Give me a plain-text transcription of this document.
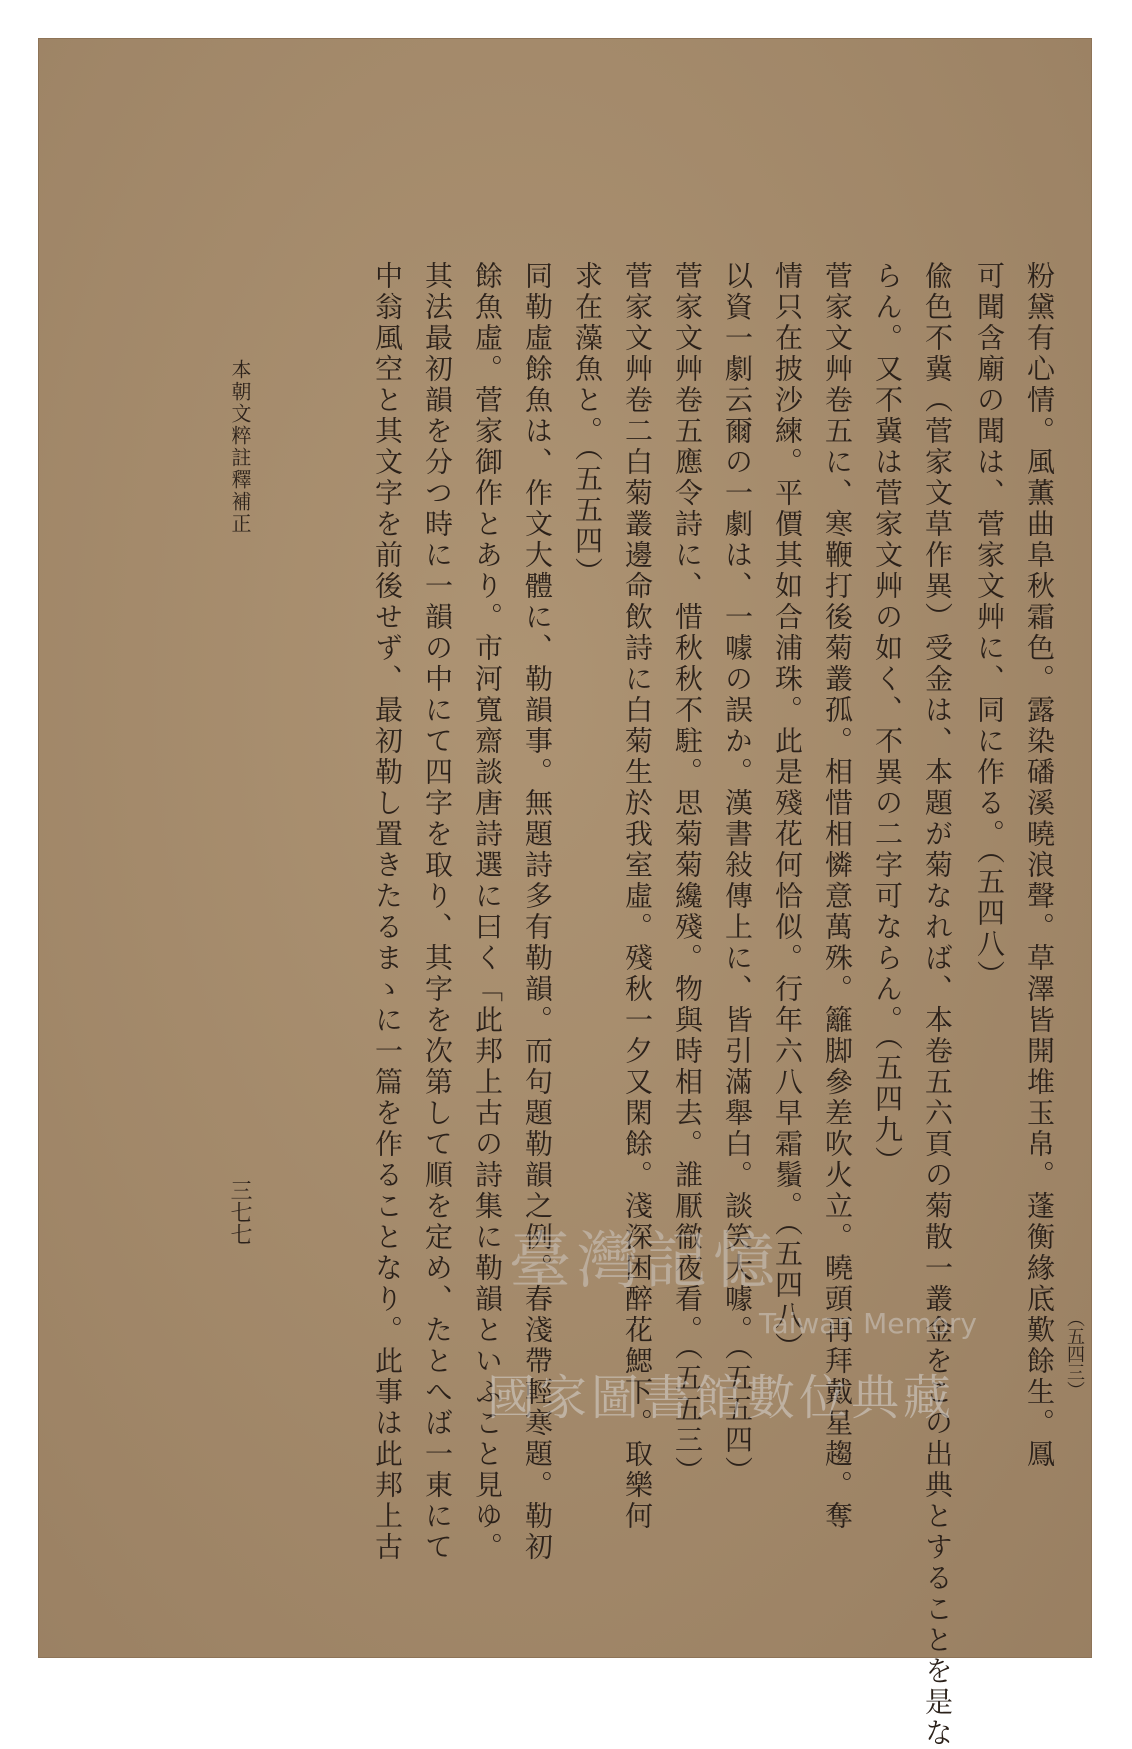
粉黛有心情。風薫曲阜秋霜色。露染磻溪曉浪聲。草澤皆開堆玉帛。蓬衡緣底歎餘生。鳳 （五四三）
可聞含廟の聞は、菅家文艸に、同に作る。（五四八）
偸色不冀（菅家文草作異）受金は、本題が菊なれば、本卷五六頁の菊散一叢金をこの出典とすることを是な
らん。又不冀は菅家文艸の如く、不異の二字可ならん。（五四九）
菅家文艸卷五に、寒鞭打後菊叢孤。相惜相憐意萬殊。籬脚參差吹火立。曉頭再拜戴星趨。奪
情只在披沙練。平價其如合浦珠。此是殘花何恰似。行年六八早霜鬚。（五四八）
以資一劇云爾の一劇は、一噱の誤か。漢書敍傳上に、皆引滿舉白。談笑大噱。（五五四）
菅家文艸卷五應令詩に、惜秋秋不駐。思菊菊纔殘。物與時相去。誰厭徹夜看。（五五三）
菅家文艸卷二白菊叢邊命飲詩に白菊生於我室虛。殘秋一夕又閑餘。淺深困醉花鰓下。取樂何
求在藻魚と。（五五四）
同勒虛餘魚は、作文大體に、勒韻事。無題詩多有勒韻。而句題勒韻之例。春淺帶輕寒題。勒初
餘魚虛。菅家御作とあり。市河寬齋談唐詩選に曰く「此邦上古の詩集に勒韻といふこと見ゆ。
其法最初韻を分つ時に一韻の中にて四字を取り、其字を次第して順を定め、たとへば一東にて
中翁風空と其文字を前後せず、最初勒し置きたるまゝに一篇を作ることなり。此事は此邦上古
本朝文粹註釋補正
三七七
臺灣記憶
Taiwan Memory
國家圖書館數位典藏
